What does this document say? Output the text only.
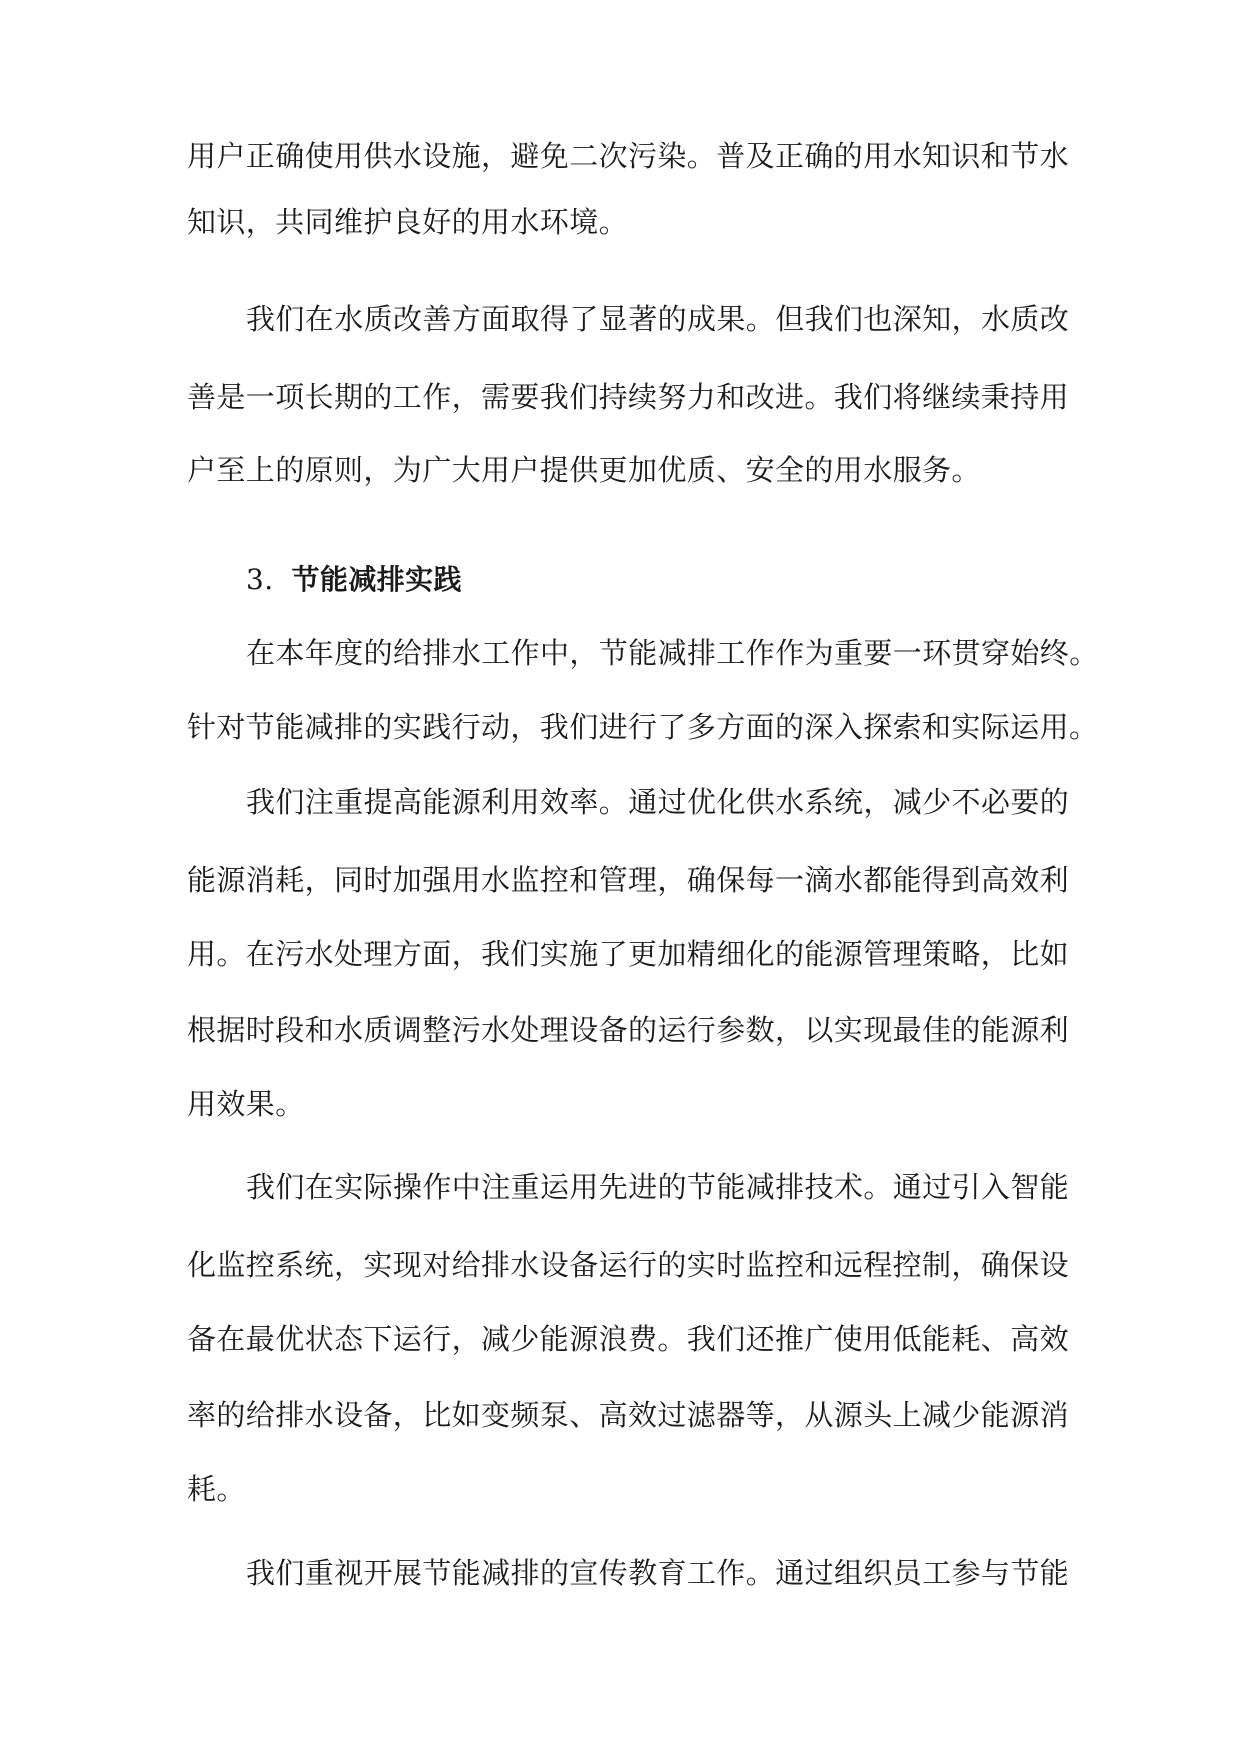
用户正确使用供水设施，避免二次污染。普及正确的用水知识和节水
知识，共同维护良好的用水环境。
我们在水质改善方面取得了显著的成果。但我们也深知，水质改
善是一项长期的工作，需要我们持续努力和改进。我们将继续秉持用
户至上的原则，为广大用户提供更加优质、安全的用水服务。
3. 节能减排实践
在本年度的给排水工作中，节能减排工作作为重要一环贯穿始终。
针对节能减排的实践行动，我们进行了多方面的深入探索和实际运用。
我们注重提高能源利用效率。通过优化供水系统，减少不必要的
能源消耗，同时加强用水监控和管理，确保每一滴水都能得到高效利
用。在污水处理方面，我们实施了更加精细化的能源管理策略，比如
根据时段和水质调整污水处理设备的运行参数，以实现最佳的能源利
用效果。
我们在实际操作中注重运用先进的节能减排技术。通过引入智能
化监控系统，实现对给排水设备运行的实时监控和远程控制，确保设
备在最优状态下运行，减少能源浪费。我们还推广使用低能耗、高效
率的给排水设备，比如变频泵、高效过滤器等，从源头上减少能源消
耗。
我们重视开展节能减排的宣传教育工作。通过组织员工参与节能
